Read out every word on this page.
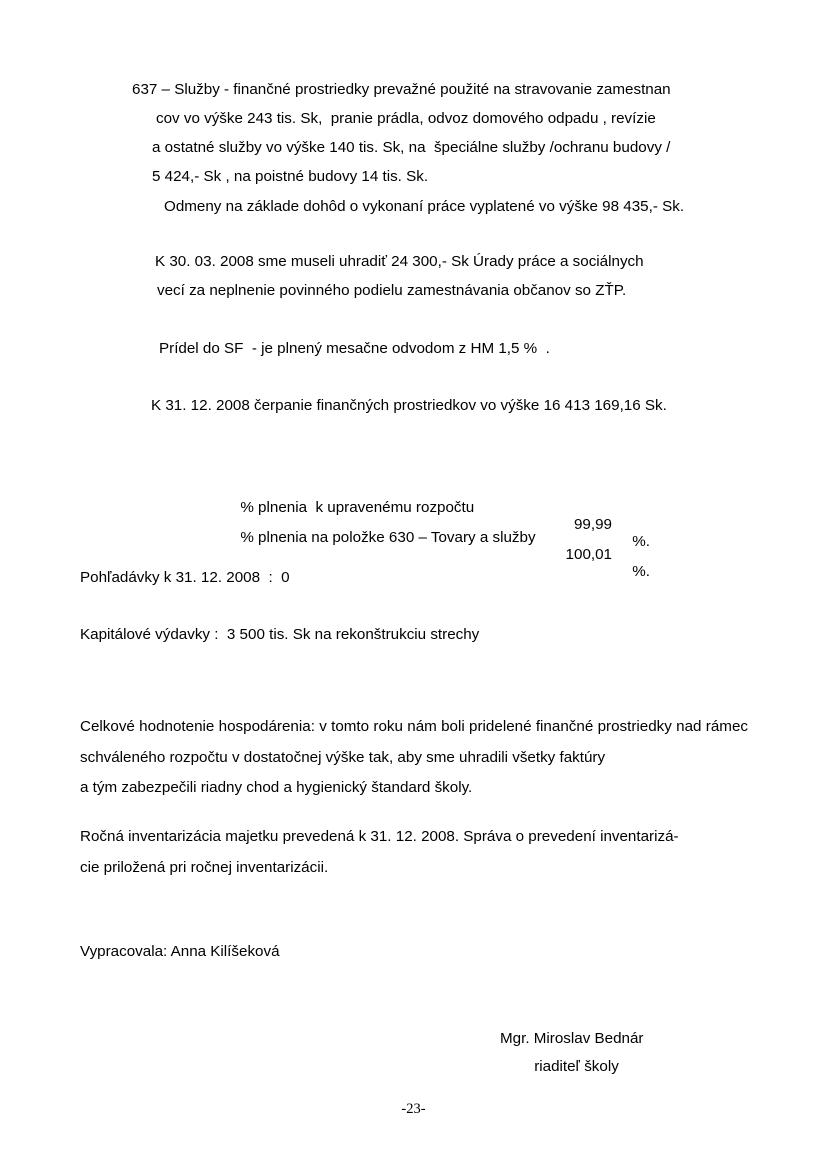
637 – Služby - finančné prostriedky prevažné použité na stravovanie zamestnan
cov vo výške 243 tis. Sk,  pranie prádla, odvoz domového odpadu , revízie
a ostatné služby vo výške 140 tis. Sk, na  špeciálne služby /ochranu budovy /
5 424,- Sk , na poistné budovy 14 tis. Sk.
Odmeny na základe dohôd o vykonaní práce vyplatené vo výške 98 435,- Sk.
K 30. 03. 2008 sme museli uhradiť 24 300,- Sk Úradу práce a sociálnych
vecí za neplnenie povinného podielu zamestnávania občanov so ZŤP.
Prídel do SF  - je plnený mesačne odvodom z HM 1,5 %  .
K 31. 12. 2008 čerpanie finančných prostriedkov vo výške 16 413 169,16 Sk.

% plnenia  k upravenému rozpočtu

99,99

%.

% plnenia na položke 630 – Tovary a služby

100,01

%.

Pohľadávky k 31. 12. 2008  :  0
Kapitálové výdavky :  3 500 tis. Sk na rekonštrukciu strechy
Celkové hodnotenie hospodárenia: v tomto roku nám boli pridelené finančné prostriedky nad rámec schváleného rozpočtu v dostatočnej výške tak, aby sme uhradili všetky faktúry
a tým zabezpečili riadny chod a hygienický štandard školy.
Ročná inventarizácia majetku prevedená k 31. 12. 2008. Správa o prevedení inventarizá-
cie priložená pri ročnej inventarizácii.
Vypracovala: Anna Kilíšeková
Mgr. Miroslav Bednár
riaditeľ školy
-23-
